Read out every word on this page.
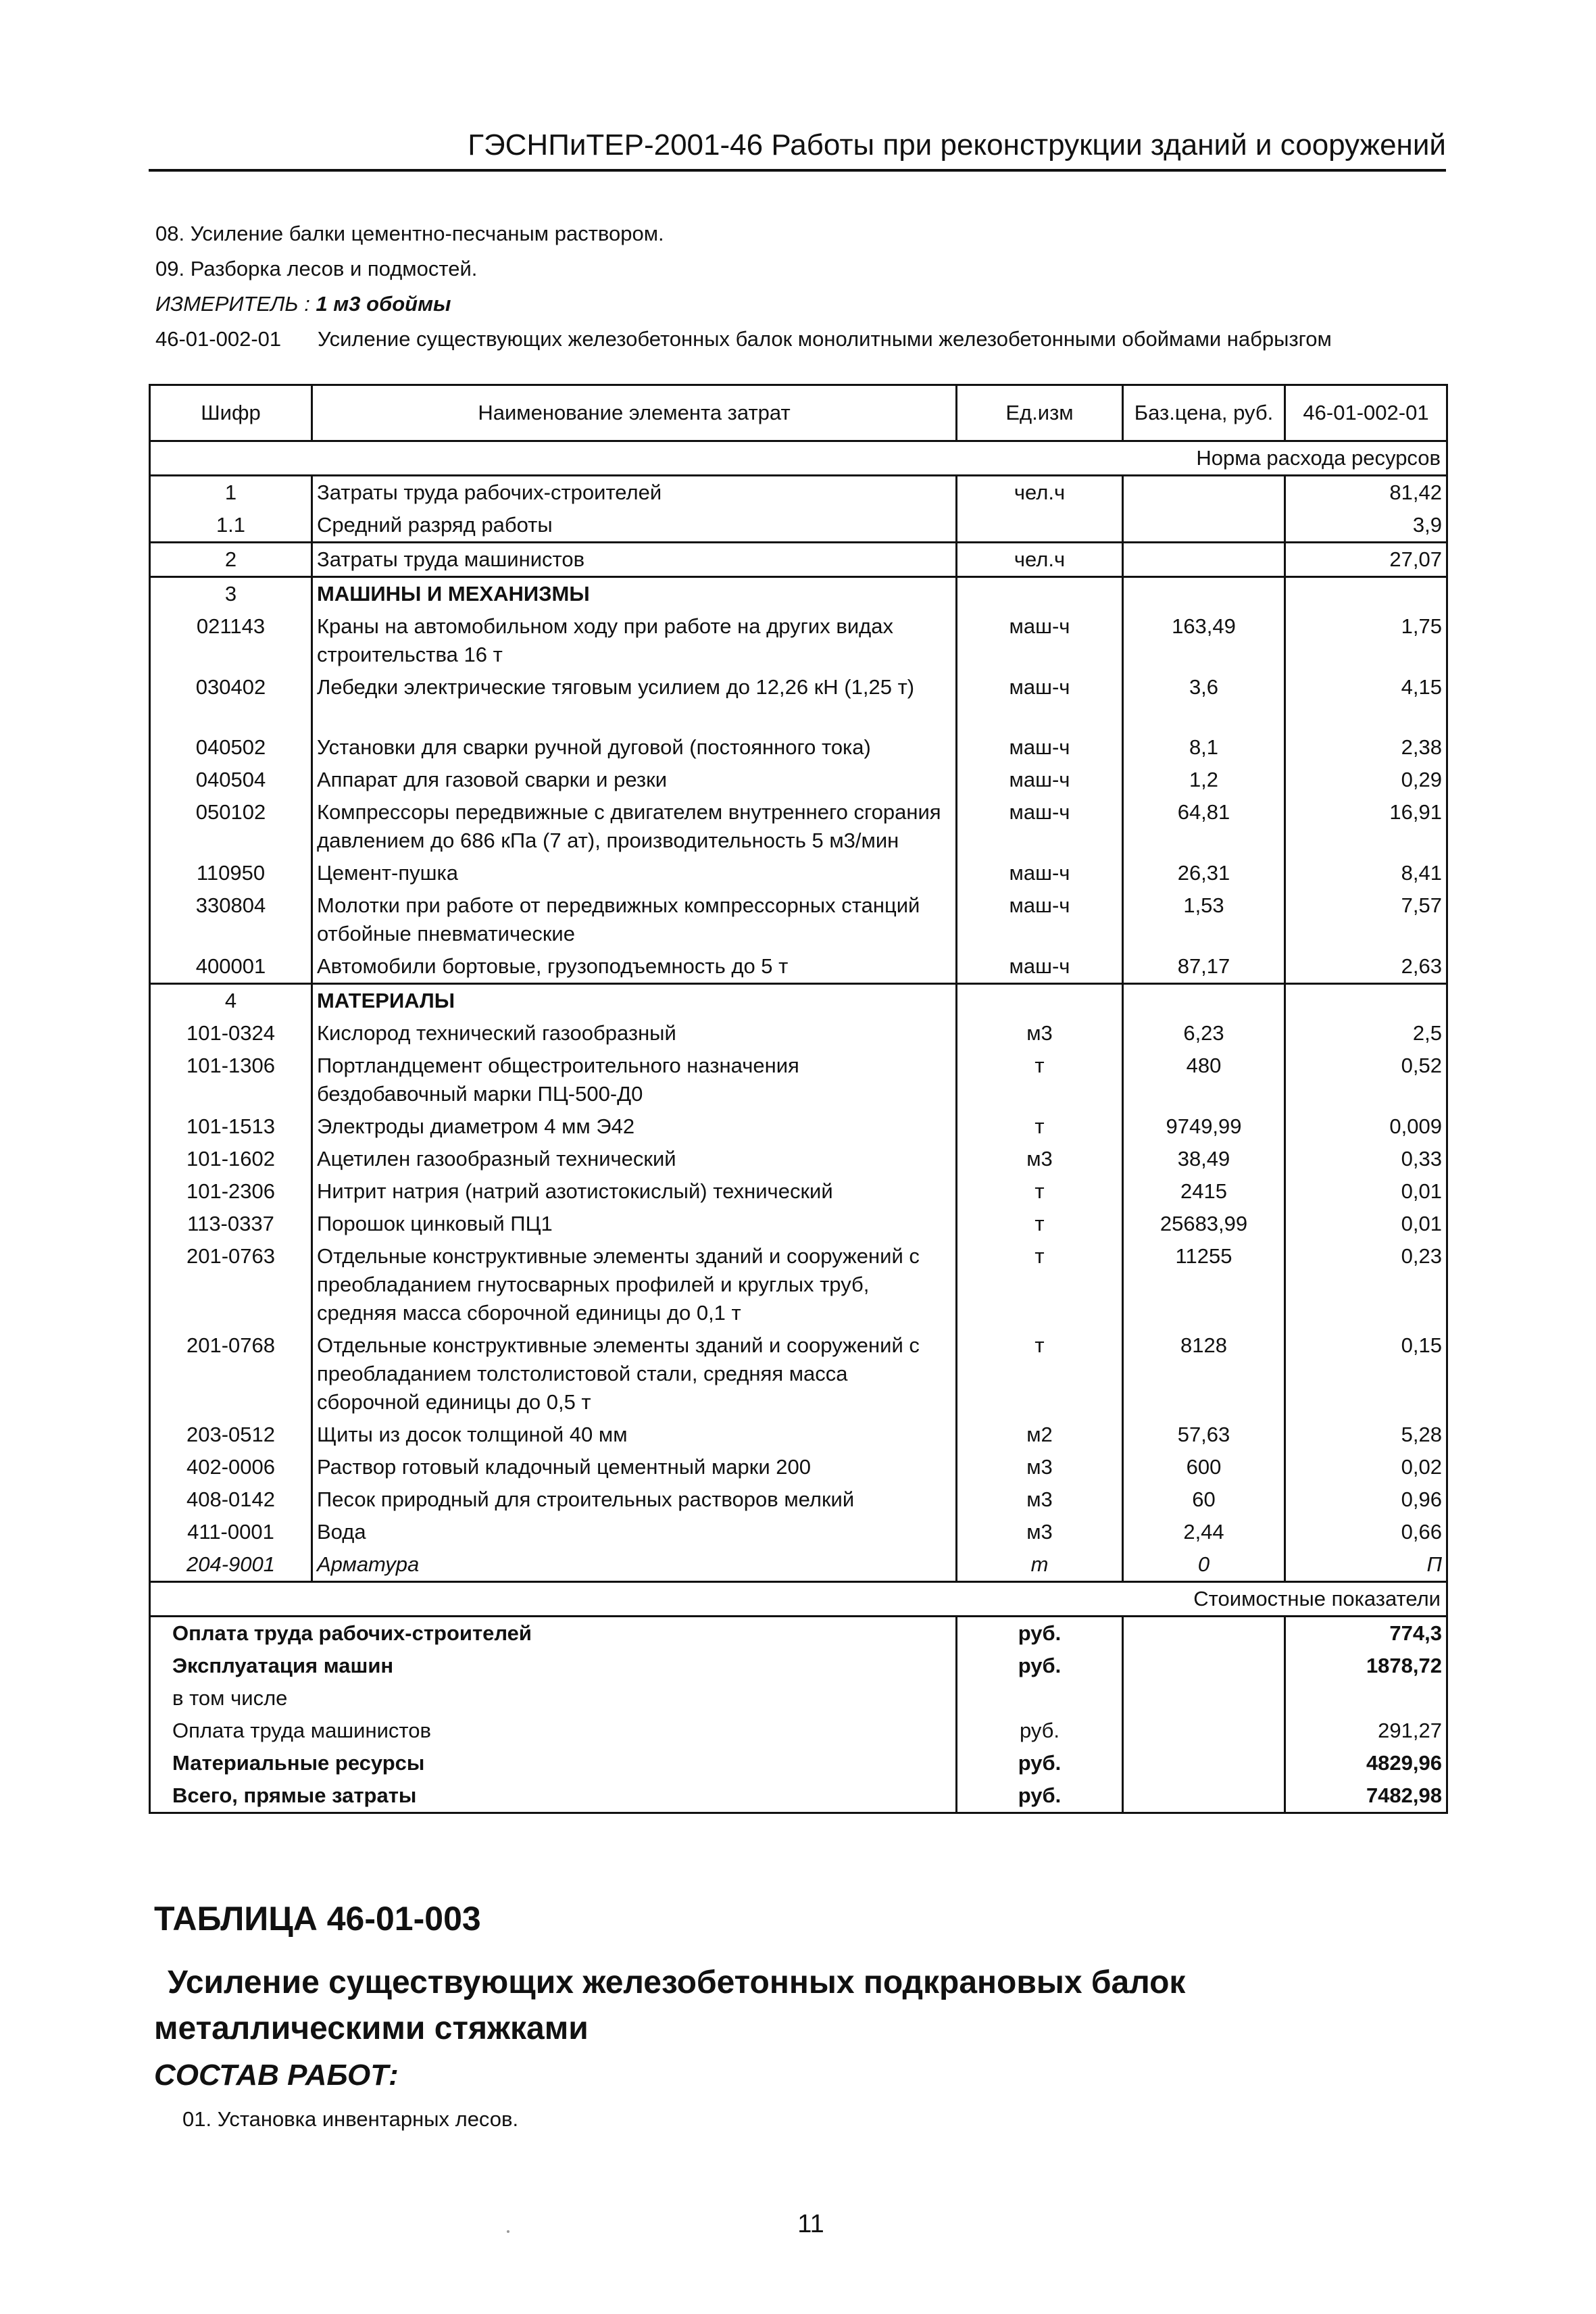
ГЭСНПиТЕР-2001-46 Работы при реконструкции зданий и сооружений
08. Усиление балки цементно-песчаным раствором.
09. Разборка лесов и подмостей.
ИЗМЕРИТЕЛЬ : 1 м3 обоймы
46-01-002-01 Усиление существующих железобетонных балок монолитными железобетонными обоймами набрызгом
Шифр	Наименование элемента затрат	Ед.изм	Баз.цена, руб.	46-01-002-01
Норма расхода ресурсов				
1	Затраты труда рабочих-строителей	чел.ч		81,42
1.1	Средний разряд работы			3,9
2	Затраты труда машинистов	чел.ч		27,07
3	МАШИНЫ И МЕХАНИЗМЫ			
021143	Краны на автомобильном ходу при работе на других видах строительства 16 т	маш-ч	163,49	1,75
030402	Лебедки электрические тяговым усилием до 12,26 кН (1,25 т)	маш-ч	3,6	4,15
040502	Установки для сварки ручной дуговой (постоянного тока)	маш-ч	8,1	2,38
040504	Аппарат для газовой сварки и резки	маш-ч	1,2	0,29
050102	Компрессоры передвижные с двигателем внутреннего сгорания давлением до 686 кПа (7 ат), производительность 5 м3/мин	маш-ч	64,81	16,91
110950	Цемент-пушка	маш-ч	26,31	8,41
330804	Молотки при работе от передвижных компрессорных станций отбойные пневматические	маш-ч	1,53	7,57
400001	Автомобили бортовые, грузоподъемность до 5 т	маш-ч	87,17	2,63
4	МАТЕРИАЛЫ			
101-0324	Кислород технический газообразный	м3	6,23	2,5
101-1306	Портландцемент общестроительного назначения бездобавочный марки ПЦ-500-Д0	т	480	0,52
101-1513	Электроды диаметром 4 мм Э42	т	9749,99	0,009
101-1602	Ацетилен газообразный технический	м3	38,49	0,33
101-2306	Нитрит натрия (натрий азотистокислый) технический	т	2415	0,01
113-0337	Порошок цинковый ПЦ1	т	25683,99	0,01
201-0763	Отдельные конструктивные элементы зданий и сооружений с преобладанием гнутосварных профилей и круглых труб, средняя масса сборочной единицы до 0,1 т	т	11255	0,23
201-0768	Отдельные конструктивные элементы зданий и сооружений с преобладанием толстолистовой стали, средняя масса сборочной единицы до 0,5 т	т	8128	0,15
203-0512	Щиты из досок толщиной 40 мм	м2	57,63	5,28
402-0006	Раствор готовый кладочный цементный марки 200	м3	600	0,02
408-0142	Песок природный для строительных растворов мелкий	м3	60	0,96
411-0001	Вода	м3	2,44	0,66
204-9001	Арматура	т	0	П
Стоимостные показатели				
Оплата труда рабочих-строителей		руб.		774,3
Эксплуатация машин		руб.		1878,72
в том числе				
Оплата труда машинистов		руб.		291,27
Материальные ресурсы		руб.		4829,96
Всего, прямые затраты		руб.		7482,98
ТАБЛИЦА 46-01-003
Усиление существующих железобетонных подкрановых балок
металлическими стяжками
СОСТАВ РАБОТ:
01. Установка инвентарных лесов.
11
